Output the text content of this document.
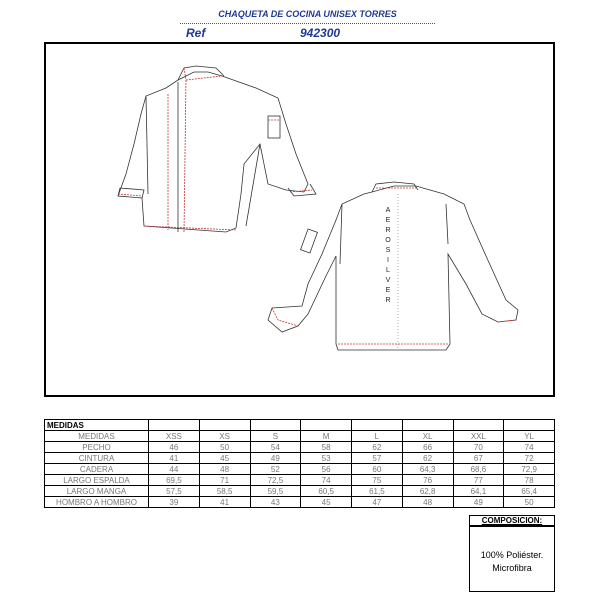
CHAQUETA DE COCINA UNISEX TORRES
Ref	942300
A
E
R
O
S
I
L
V
E
R
MEDIDAS								
MEDIDAS	XSS	XS	S	M	L	XL	XXL	YL
PECHO	46	50	54	58	62	66	70	74
CINTURA	41	45	49	53	57	62	67	72
CADERA	44	48	52	56	60	64,3	68,6	72,9
LARGO ESPALDA	69,5	71	72,5	74	75	76	77	78
LARGO MANGA	57,5	58,5	59,5	60,5	61,5	62,8	64,1	65,4
HOMBRO A HOMBRO	39	41	43	45	47	48	49	50
COMPOSICION:
100% Poliéster.
Microfibra
